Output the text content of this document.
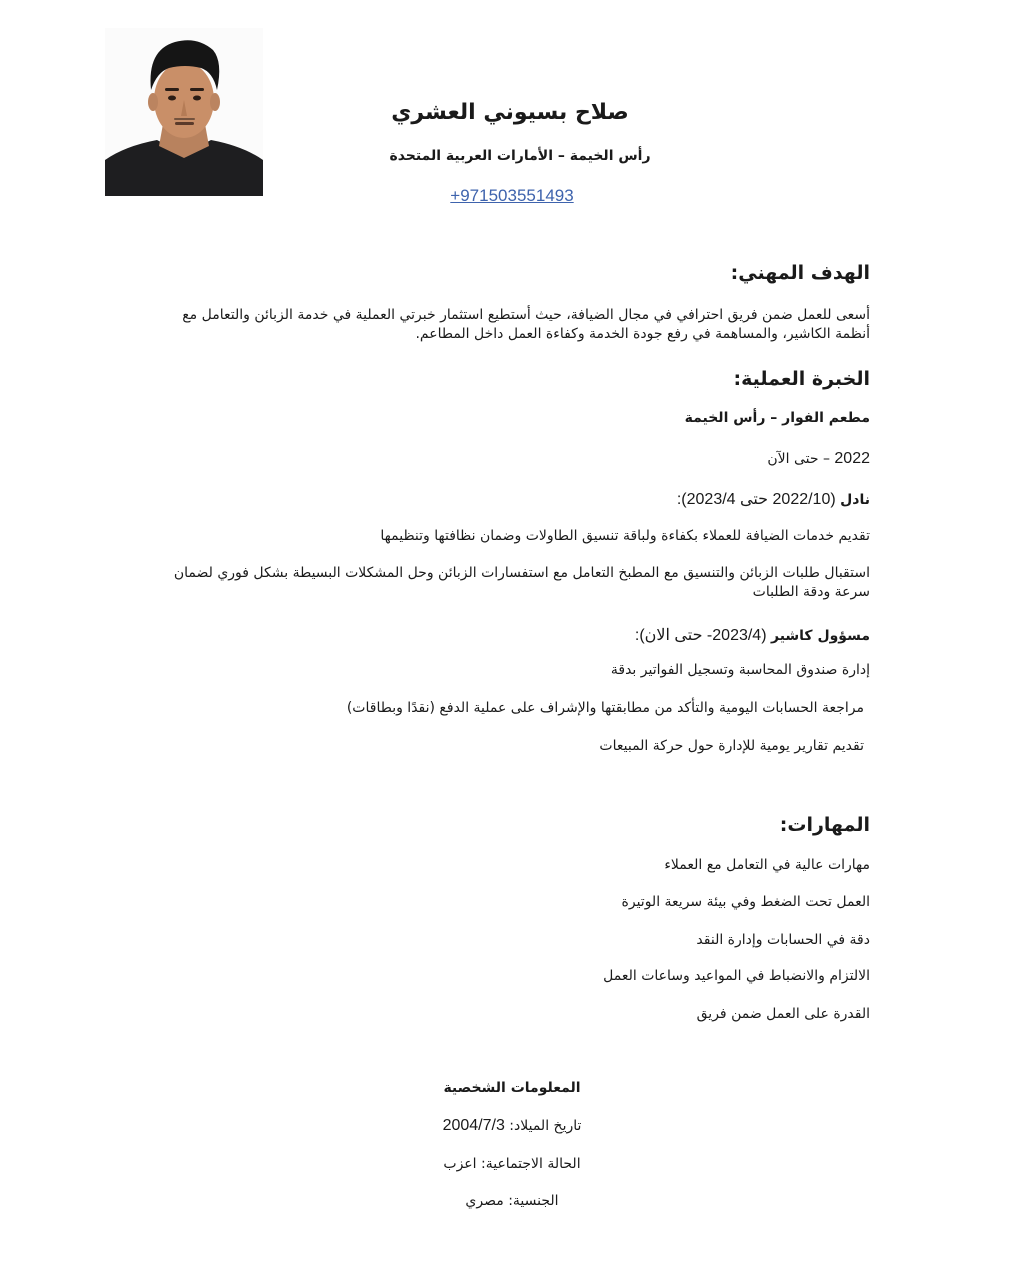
صلاح بسيوني العشري
رأس الخيمة – الأمارات العربية المتحدة
+971503551493
الهدف المهني:
أسعى للعمل ضمن فريق احترافي في مجال الضيافة، حيث أستطيع استثمار خبرتي العملية في خدمة الزبائن والتعامل مع أنظمة الكاشير، والمساهمة في رفع جودة الخدمة وكفاءة العمل داخل المطاعم.
الخبرة العملية:
مطعم الفوار – رأس الخيمة
2022 – حتى الآن
نادل (2022/10 حتى 2023/4):
تقديم خدمات الضيافة للعملاء بكفاءة ولباقة تنسيق الطاولات وضمان نظافتها وتنظيمها
استقبال طلبات الزبائن والتنسيق مع المطبخ التعامل مع استفسارات الزبائن وحل المشكلات البسيطة بشكل فوري لضمان سرعة ودقة الطلبات
مسؤول كاشير (2023/4- حتى الان):
إدارة صندوق المحاسبة وتسجيل الفواتير بدقة
مراجعة الحسابات اليومية والتأكد من مطابقتها والإشراف على عملية الدفع (نقدًا وبطاقات)
تقديم تقارير يومية للإدارة حول حركة المبيعات
المهارات:
مهارات عالية في التعامل مع العملاء
العمل تحت الضغط وفي بيئة سريعة الوتيرة
دقة في الحسابات وإدارة النقد
الالتزام والانضباط في المواعيد وساعات العمل
القدرة على العمل ضمن فريق
المعلومات الشخصية
تاريخ الميلاد: 2004/7/3
الحالة الاجتماعية: اعزب
الجنسية: مصري
